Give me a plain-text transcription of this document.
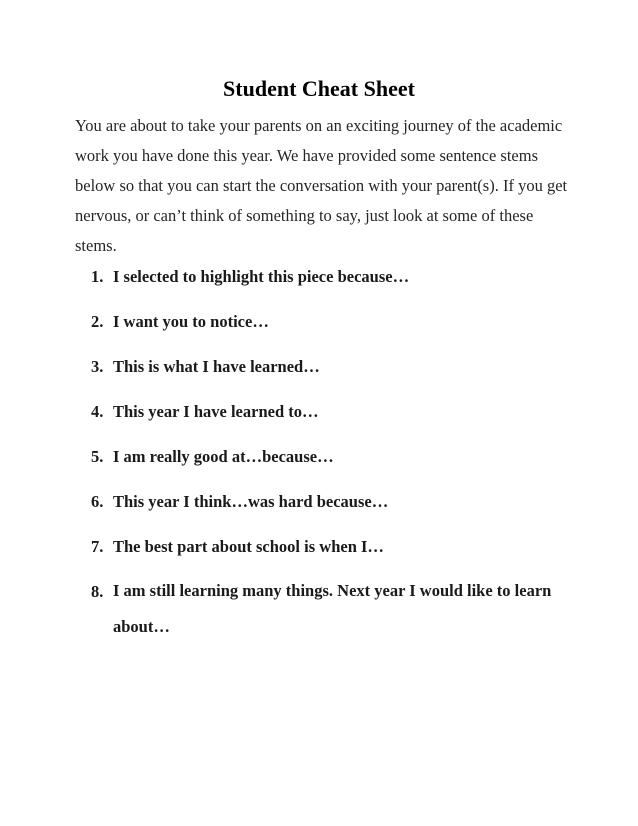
Student Cheat Sheet

You are about to take your parents on an exciting journey of the academic work you have done this year. We have provided some sentence stems below so that you can start the conversation with your parent(s). If you get nervous, or can’t think of something to say, just look at some of these stems.

1. I selected to highlight this piece because…
2. I want you to notice…
3. This is what I have learned…
4. This year I have learned to…
5. I am really good at…because…
6. This year I think…was hard because…
7. The best part about school is when I…
8. I am still learning many things. Next year I would like to learn about…
